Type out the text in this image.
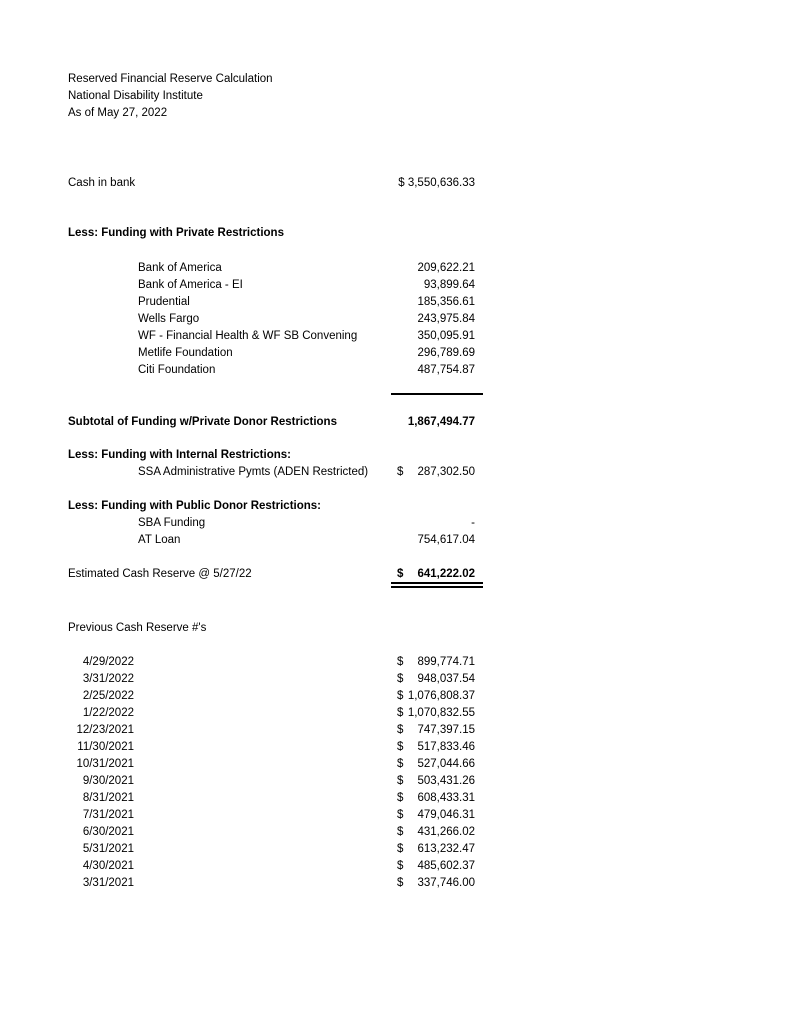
Reserved Financial Reserve Calculation
National Disability Institute
As of May 27, 2022
Cash in bank	$ 3,550,636.33
Less: Funding with Private Restrictions
Bank of America	209,622.21
Bank of America - EI	93,899.64
Prudential	185,356.61
Wells Fargo	243,975.84
WF - Financial Health & WF SB Convening	350,095.91
Metlife Foundation	296,789.69
Citi Foundation	487,754.87
Subtotal of Funding w/Private Donor Restrictions	1,867,494.77
Less: Funding with Internal Restrictions:
SSA Administrative Pymts (ADEN Restricted)	$ 287,302.50
Less: Funding with Public Donor Restrictions:
SBA Funding	-
AT Loan	754,617.04
Estimated Cash Reserve @ 5/27/22	$ 641,222.02
Previous Cash Reserve #'s
4/29/2022	$ 899,774.71
3/31/2022	$ 948,037.54
2/25/2022	$ 1,076,808.37
1/22/2022	$ 1,070,832.55
12/23/2021	$ 747,397.15
11/30/2021	$ 517,833.46
10/31/2021	$ 527,044.66
9/30/2021	$ 503,431.26
8/31/2021	$ 608,433.31
7/31/2021	$ 479,046.31
6/30/2021	$ 431,266.02
5/31/2021	$ 613,232.47
4/30/2021	$ 485,602.37
3/31/2021	$ 337,746.00
